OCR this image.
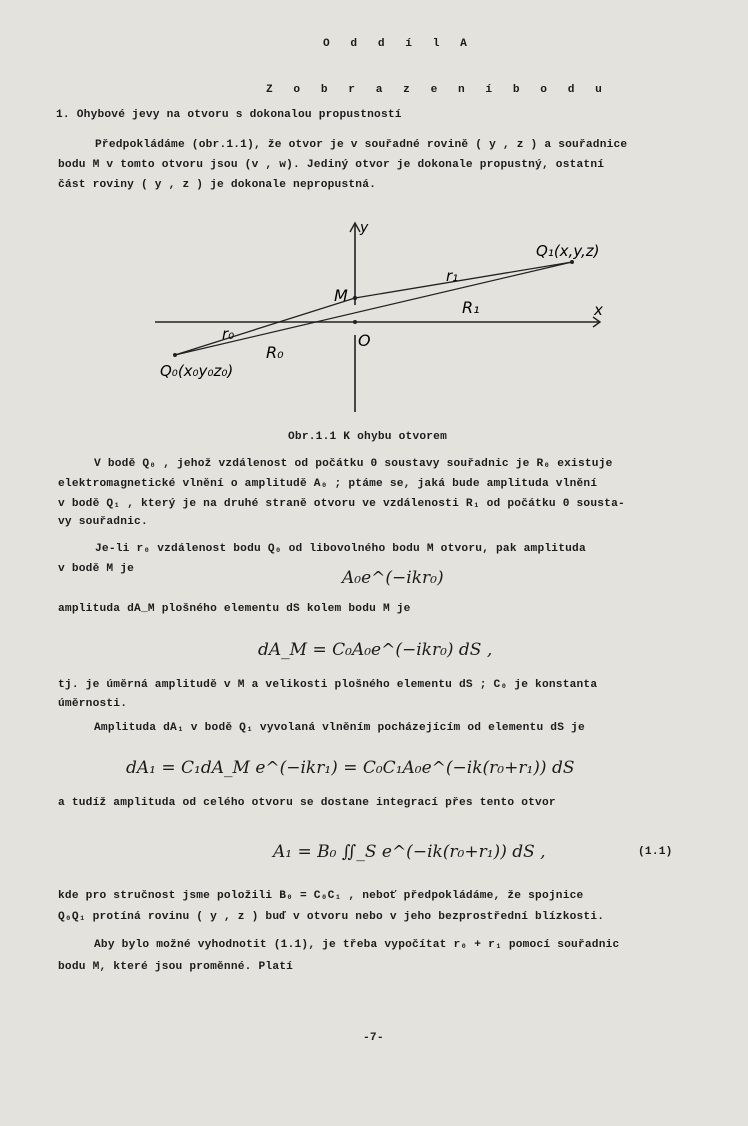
O d d í l A
Z o b r a z e n í b o d u
1. Ohybové jevy na otvoru s dokonalou propustností
Předpokládáme (obr.1.1), že otvor je v souřadné rovině ( y , z ) a souřadnice
bodu M v tomto otvoru jsou (v , w). Jediný otvor je dokonale propustný, ostatní
část roviny ( y , z ) je dokonale nepropustná.
y
x
O
M
Q₁(x,y,z)
Q₀(x₀y₀z₀)
r₀
r₁
R₀
R₁
Obr.1.1 K ohybu otvorem
V bodě Q₀ , jehož vzdálenost od počátku 0 soustavy souřadnic je R₀ existuje
elektromagnetické vlnění o amplitudě A₀ ; ptáme se, jaká bude amplituda vlnění
v bodě Q₁ , který je na druhé straně otvoru ve vzdálenosti R₁ od počátku 0 sousta-
vy souřadnic.
Je-li r₀ vzdálenost bodu Q₀ od libovolného bodu M otvoru, pak amplituda
v bodě M je	A₀e^(−ikr₀)
amplituda dA_M plošného elementu dS kolem bodu M je
dA_M = C₀A₀e^(−ikr₀) dS ,
tj. je úměrná amplitudě v M a velikosti plošného elementu dS ; C₀ je konstanta
úměrnosti.
Amplituda dA₁ v bodě Q₁ vyvolaná vlněním pocházejícím od elementu dS je
dA₁ = C₁dA_M e^(−ikr₁) = C₀C₁A₀e^(−ik(r₀+r₁)) dS
a tudíž amplituda od celého otvoru se dostane integrací přes tento otvor
A₁ = B₀ ∬_S e^(−ik(r₀+r₁)) dS ,	(1.1)
kde pro stručnost jsme položili B₀ = C₀C₁ , neboť předpokládáme, že spojnice
Q₀Q₁ protíná rovinu ( y , z ) buď v otvoru nebo v jeho bezprostřední blízkosti.
Aby bylo možné vyhodnotit (1.1), je třeba vypočítat r₀ + r₁ pomocí souřadnic
bodu M, které jsou proměnné. Platí
-7-
